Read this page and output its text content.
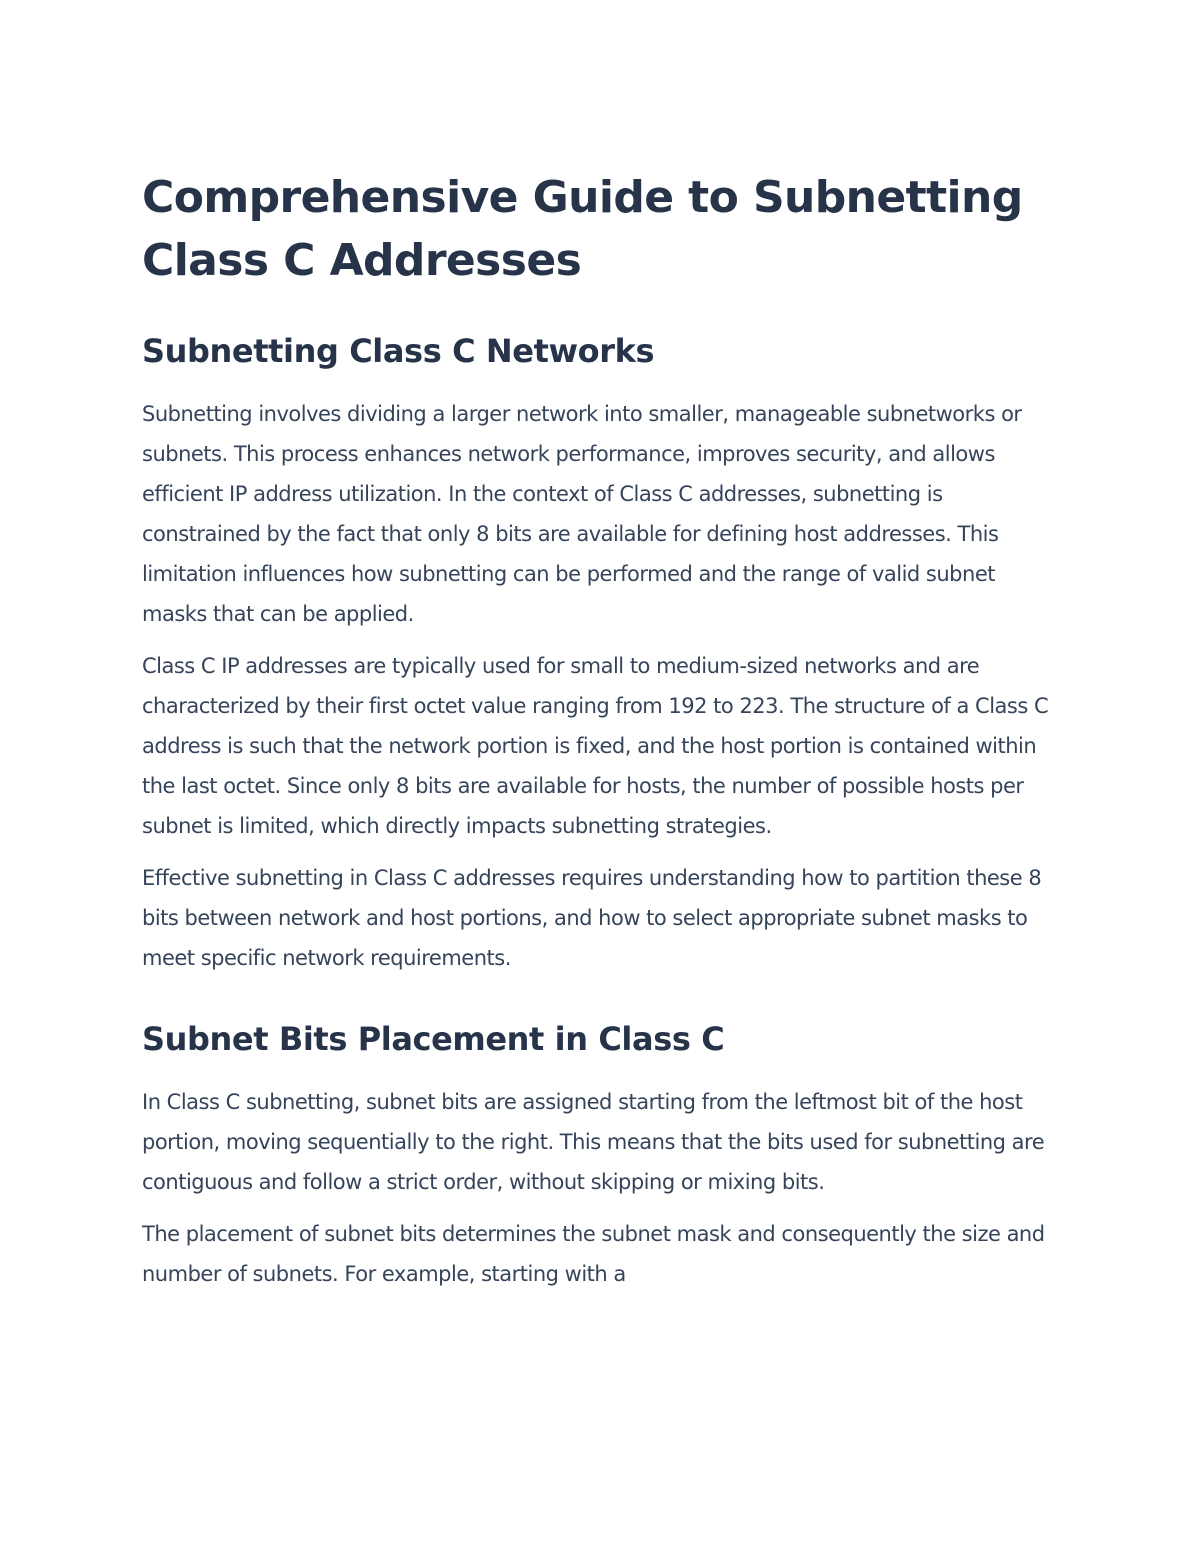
Comprehensive Guide to Subnetting Class C Addresses
Subnetting Class C Networks

Subnetting involves dividing a larger network into smaller, manageable subnetworks or subnets. This process enhances network performance, improves security, and allows efficient IP address utilization. In the context of Class C addresses, subnetting is constrained by the fact that only 8 bits are available for defining host addresses. This limitation influences how subnetting can be performed and the range of valid subnet masks that can be applied.

Class C IP addresses are typically used for small to medium-sized networks and are characterized by their first octet value ranging from 192 to 223. The structure of a Class C address is such that the network portion is fixed, and the host portion is contained within the last octet. Since only 8 bits are available for hosts, the number of possible hosts per subnet is limited, which directly impacts subnetting strategies.

Effective subnetting in Class C addresses requires understanding how to partition these 8 bits between network and host portions, and how to select appropriate subnet masks to meet specific network requirements.

Subnet Bits Placement in Class C

In Class C subnetting, subnet bits are assigned starting from the leftmost bit of the host portion, moving sequentially to the right. This means that the bits used for subnetting are contiguous and follow a strict order, without skipping or mixing bits.

The placement of subnet bits determines the subnet mask and consequently the size and number of subnets. For example, starting with a
